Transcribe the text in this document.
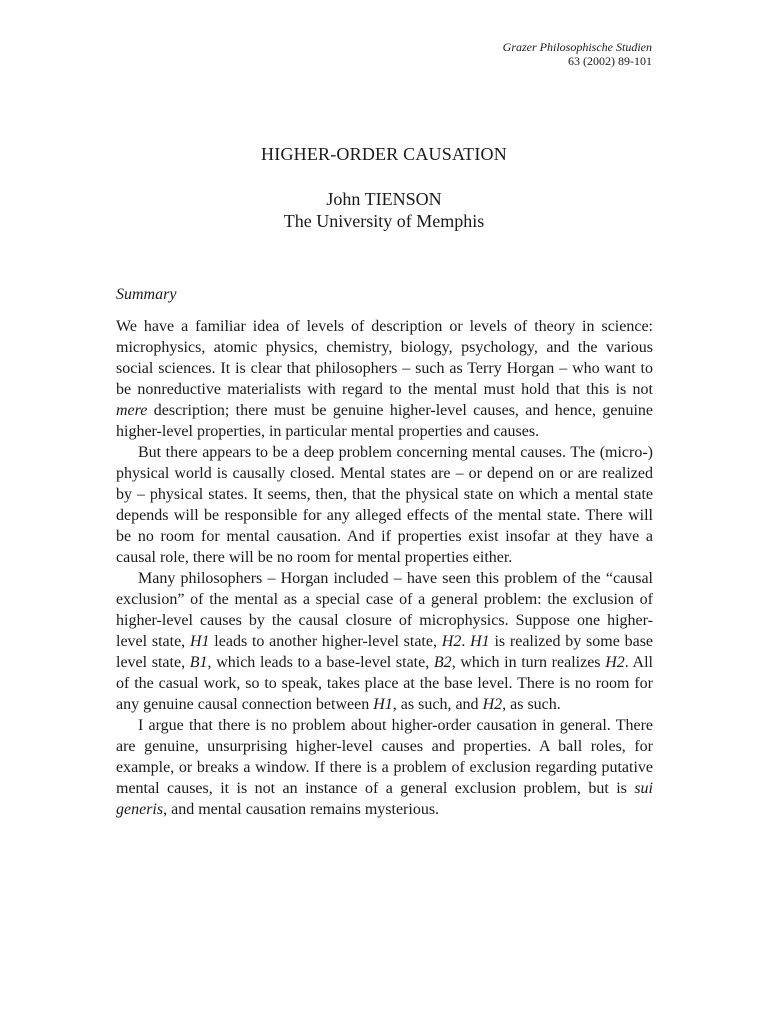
Grazer Philosophische Studien
63 (2002) 89-101
HIGHER-ORDER CAUSATION
John TIENSON
The University of Memphis
Summary

We have a familiar idea of levels of description or levels of theory in science: microphysics, atomic physics, chemistry, biology, psychology, and the various social sciences. It is clear that philosophers – such as Terry Horgan – who want to be nonreductive materialists with regard to the mental must hold that this is not mere description; there must be genuine higher-level causes, and hence, genuine higher-level properties, in particular mental properties and causes.

But there appears to be a deep problem concerning mental causes. The (micro-) physical world is causally closed. Mental states are – or depend on or are realized by – physical states. It seems, then, that the physical state on which a mental state depends will be responsible for any alleged effects of the mental state. There will be no room for mental causation. And if properties exist insofar at they have a causal role, there will be no room for mental properties either.

Many philosophers – Horgan included – have seen this problem of the “causal exclusion” of the mental as a special case of a general problem: the exclusion of higher-level causes by the causal closure of microphysics. Suppose one higher-level state, H1 leads to another higher-level state, H2. H1 is realized by some base level state, B1, which leads to a base-level state, B2, which in turn realizes H2. All of the casual work, so to speak, takes place at the base level. There is no room for any genuine causal connection between H1, as such, and H2, as such.

I argue that there is no problem about higher-order causation in general. There are genuine, unsurprising higher-level causes and properties. A ball roles, for example, or breaks a window. If there is a problem of exclusion regarding putative mental causes, it is not an instance of a general exclusion problem, but is sui generis, and mental causation remains mysterious.
